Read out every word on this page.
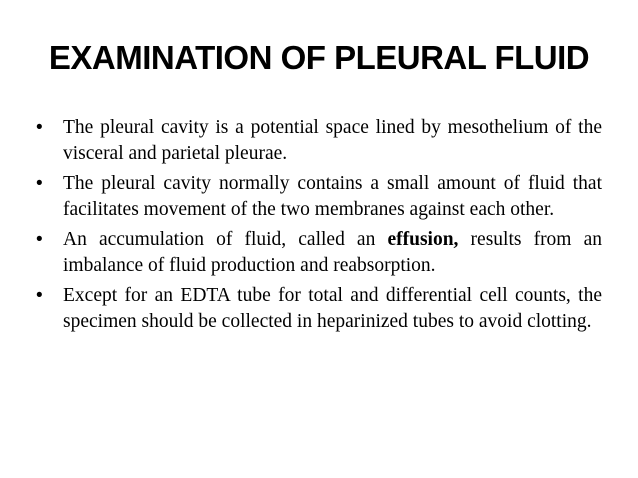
EXAMINATION OF PLEURAL FLUID
• The pleural cavity is a potential space lined by mesothelium of the visceral and parietal pleurae.
• The pleural cavity normally contains a small amount of fluid that facilitates movement of the two membranes against each other.
• An accumulation of fluid, called an effusion, results from an imbalance of fluid production and reabsorption.
• Except for an EDTA tube for total and differential cell counts, the specimen should be collected in heparinized tubes to avoid clotting.
